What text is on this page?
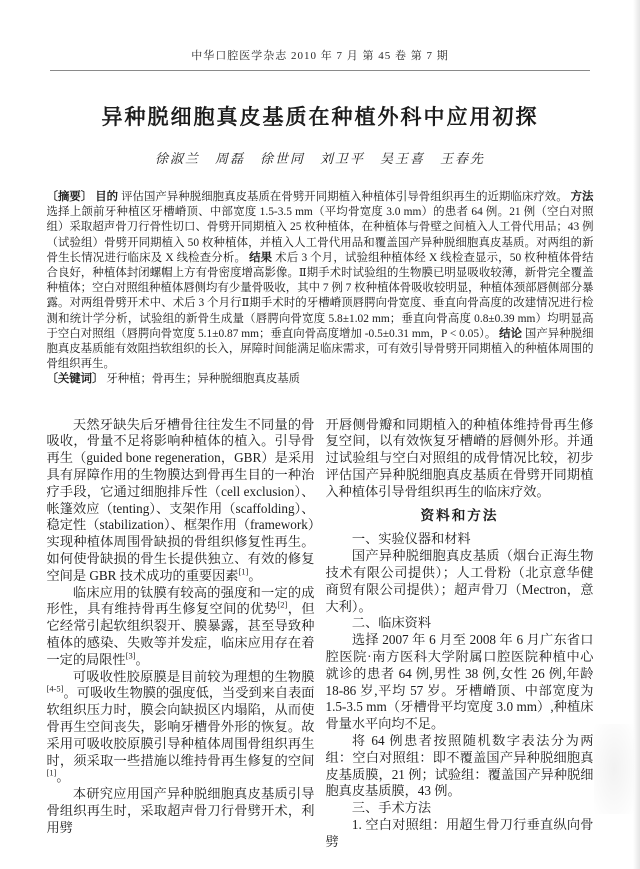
中华口腔医学杂志 2010 年 7 月 第 45 卷 第 7 期
异种脱细胞真皮基质在种植外科中应用初探
徐淑兰　周磊　徐世同　刘卫平　吴王喜　王春先

〔摘要〕 目的 评估国产异种脱细胞真皮基质在骨劈开同期植入种植体引导骨组织再生的近期临床疗效。 方法 选择上颌前牙种植区牙槽嵴顶、中部宽度 1.5-3.5 mm（平均骨宽度 3.0 mm）的患者 64 例。21 例（空白对照组）采取超声骨刀行骨性切口、骨劈开同期植入 25 枚种植体，在种植体与骨壁之间植入人工骨代用品；43 例（试验组）骨劈开同期植入 50 枚种植体，并植入人工骨代用品和覆盖国产异种脱细胞真皮基质。对两组的新骨生长情况进行临床及 X 线检查分析。 结果 术后 3 个月，试验组种植体经 X 线检查显示，50 枚种植体骨结合良好，种植体封闭螺帽上方有骨密度增高影像。Ⅱ期手术时试验组的生物膜已明显吸收较薄，新骨完全覆盖种植体；空白对照组种植体唇侧均有少量骨吸收，其中 7 例 7 枚种植体骨吸收较明显，种植体颈部唇侧部分暴露。对两组骨劈开术中、术后 3 个月行Ⅱ期手术时的牙槽嵴顶唇腭向骨宽度、垂直向骨高度的改建情况进行检测和统计学分析，试验组的新骨生成量（唇腭向骨宽度 5.8±1.02 mm；垂直向骨高度 0.8±0.39 mm）均明显高于空白对照组（唇腭向骨宽度 5.1±0.87 mm；垂直向骨高度增加 -0.5±0.31 mm，P < 0.05）。 结论 国产异种脱细胞真皮基质能有效阻挡软组织的长入，屏障时间能满足临床需求，可有效引导骨劈开同期植入的种植体周围的骨组织再生。

〔关键词〕 牙种植；骨再生；异种脱细胞真皮基质

天然牙缺失后牙槽骨往往发生不同量的骨吸收，骨量不足将影响种植体的植入。引导骨再生（guided bone regeneration，GBR）是采用具有屏障作用的生物膜达到骨再生目的一种治疗手段，它通过细胞排斥性（cell exclusion）、帐篷效应（tenting）、支架作用（scaffolding）、稳定性（stabilization）、框架作用（framework）实现种植体周围骨缺损的骨组织修复性再生。如何使骨缺损的骨生长提供独立、有效的修复空间是 GBR 技术成功的重要因素[1]。

临床应用的钛膜有较高的强度和一定的成形性，具有维持骨再生修复空间的优势[2]，但它经常引起软组织裂开、膜暴露，甚至导致种植体的感染、失败等并发症，临床应用存在着一定的局限性[3]。

可吸收性胶原膜是目前较为理想的生物膜[4-5]。可吸收生物膜的强度低，当受到来自表面软组织压力时，膜会向缺损区内塌陷，从而使骨再生空间丧失，影响牙槽骨外形的恢复。故采用可吸收胶原膜引导种植体周围骨组织再生时，须采取一些措施以维持骨再生修复的空间[1]。

本研究应用国产异种脱细胞真皮基质引导骨组织再生时，采取超声骨刀行骨劈开术，利用劈

开唇侧骨瓣和同期植入的种植体维持骨再生修复空间，以有效恢复牙槽嵴的唇侧外形。并通过试验组与空白对照组的成骨情况比较，初步评估国产异种脱细胞真皮基质在骨劈开同期植入种植体引导骨组织再生的临床疗效。

资料和方法

一、实验仪器和材料

国产异种脱细胞真皮基质（烟台正海生物技术有限公司提供）；人工骨粉（北京意华健商贸有限公司提供）；超声骨刀（Mectron，意大利）。

二、临床资料

选择 2007 年 6 月至 2008 年 6 月广东省口腔医院·南方医科大学附属口腔医院种植中心就诊的患者 64 例,男性 38 例,女性 26 例,年龄 18-86 岁,平均 57 岁。牙槽嵴顶、中部宽度为 1.5-3.5 mm（牙槽骨平均宽度 3.0 mm）,种植床骨量水平向均不足。

将 64 例患者按照随机数字表法分为两组：空白对照组：即不覆盖国产异种脱细胞真皮基质膜，21 例；试验组：覆盖国产异种脱细胞真皮基质膜，43 例。

三、手术方法

1. 空白对照组：用超生骨刀行垂直纵向骨劈
